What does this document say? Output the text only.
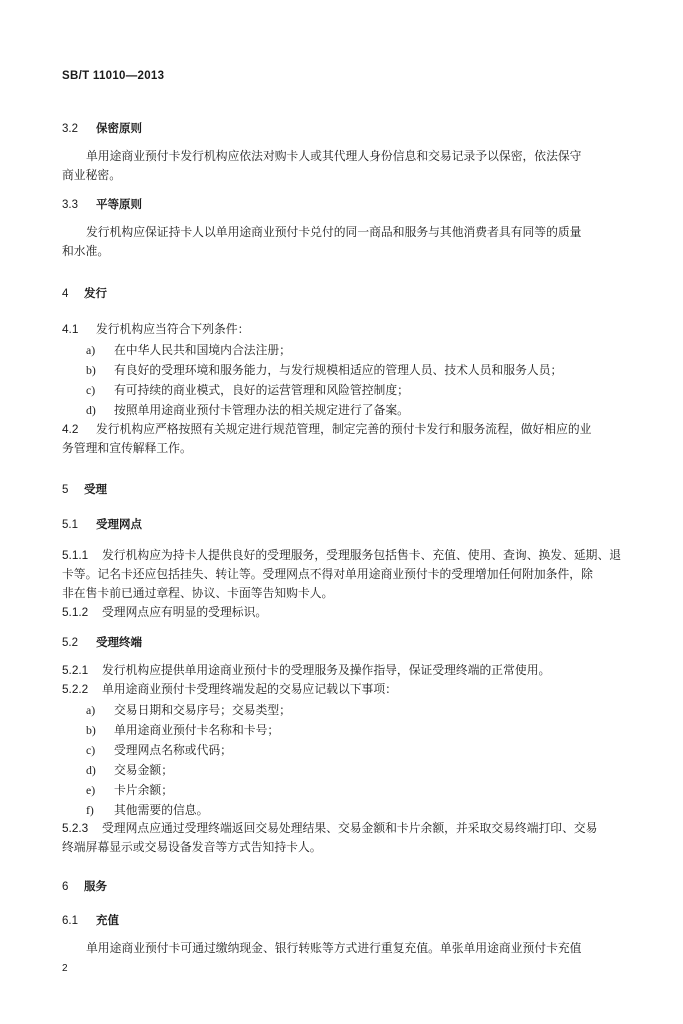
SB/T 11010—2013
3.2 保密原则
单用途商业预付卡发行机构应依法对购卡人或其代理人身份信息和交易记录予以保密，依法保守
商业秘密。
3.3 平等原则
发行机构应保证持卡人以单用途商业预付卡兑付的同一商品和服务与其他消费者具有同等的质量
和水准。
4 发行
4.1 发行机构应当符合下列条件：
a) 在中华人民共和国境内合法注册；
b) 有良好的受理环境和服务能力，与发行规模相适应的管理人员、技术人员和服务人员；
c) 有可持续的商业模式，良好的运营管理和风险管控制度；
d) 按照单用途商业预付卡管理办法的相关规定进行了备案。
4.2 发行机构应严格按照有关规定进行规范管理，制定完善的预付卡发行和服务流程，做好相应的业
务管理和宣传解释工作。
5 受理
5.1 受理网点
5.1.1 发行机构应为持卡人提供良好的受理服务，受理服务包括售卡、充值、使用、查询、换发、延期、退
卡等。记名卡还应包括挂失、转让等。受理网点不得对单用途商业预付卡的受理增加任何附加条件，除
非在售卡前已通过章程、协议、卡面等告知购卡人。
5.1.2 受理网点应有明显的受理标识。
5.2 受理终端
5.2.1 发行机构应提供单用途商业预付卡的受理服务及操作指导，保证受理终端的正常使用。
5.2.2 单用途商业预付卡受理终端发起的交易应记载以下事项：
a) 交易日期和交易序号；交易类型；
b) 单用途商业预付卡名称和卡号；
c) 受理网点名称或代码；
d) 交易金额；
e) 卡片余额；
f) 其他需要的信息。
5.2.3 受理网点应通过受理终端返回交易处理结果、交易金额和卡片余额，并采取交易终端打印、交易
终端屏幕显示或交易设备发音等方式告知持卡人。
6 服务
6.1 充值
单用途商业预付卡可通过缴纳现金、银行转账等方式进行重复充值。单张单用途商业预付卡充值
2
